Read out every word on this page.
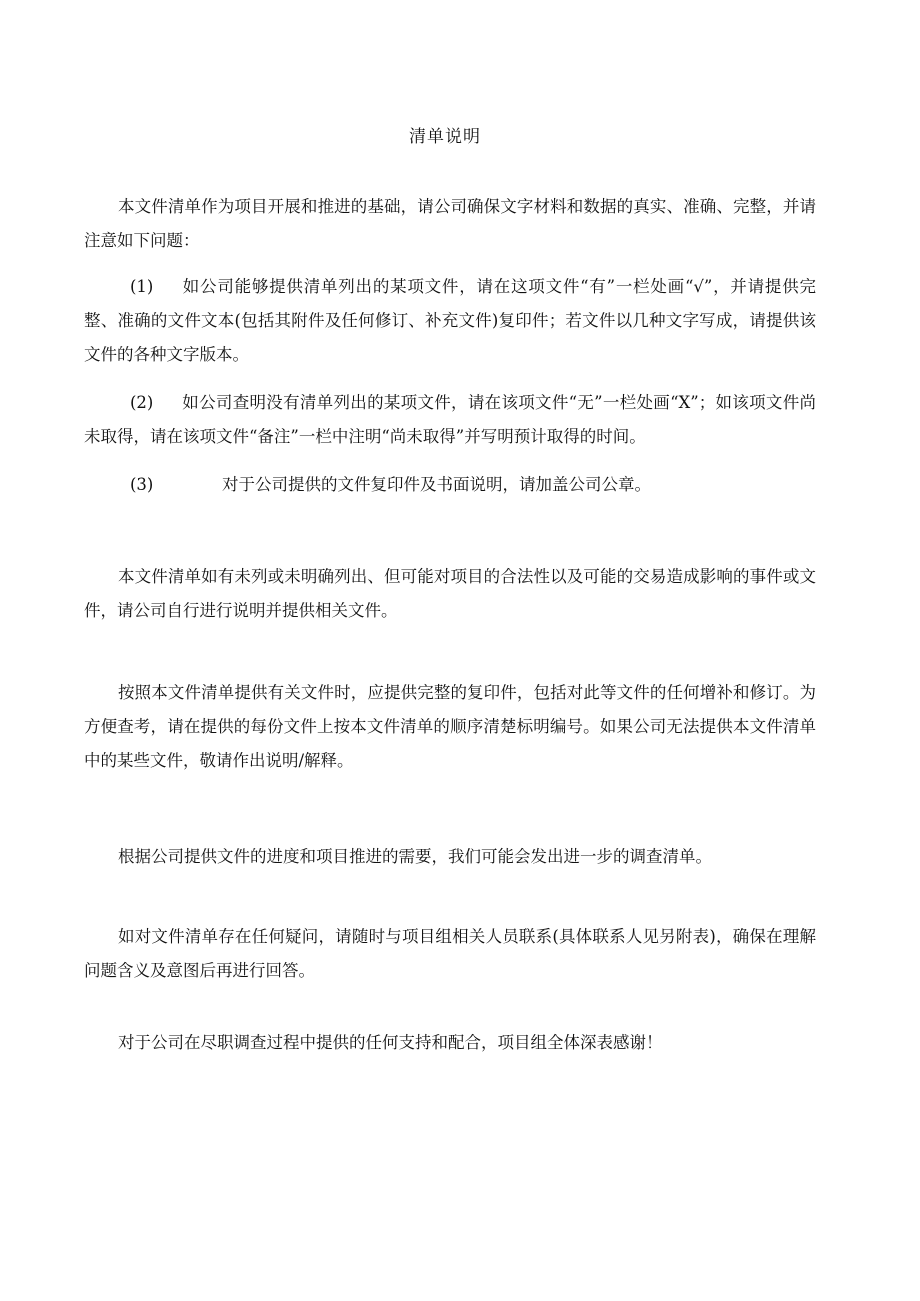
清单说明
本文件清单作为项目开展和推进的基础，请公司确保文字材料和数据的真实、准确、完整，并请注意如下问题：
(1) 如公司能够提供清单列出的某项文件，请在这项文件“有”一栏处画“√”，并请提供完整、准确的文件文本(包括其附件及任何修订、补充文件)复印件；若文件以几种文字写成，请提供该文件的各种文字版本。
(2) 如公司查明没有清单列出的某项文件，请在该项文件“无”一栏处画“X”；如该项文件尚未取得，请在该项文件“备注”一栏中注明“尚未取得”并写明预计取得的时间。
(3)	对于公司提供的文件复印件及书面说明，请加盖公司公章。
本文件清单如有未列或未明确列出、但可能对项目的合法性以及可能的交易造成影响的事件或文件，请公司自行进行说明并提供相关文件。
按照本文件清单提供有关文件时，应提供完整的复印件，包括对此等文件的任何增补和修订。为方便查考，请在提供的每份文件上按本文件清单的顺序清楚标明编号。如果公司无法提供本文件清单中的某些文件，敬请作出说明/解释。
根据公司提供文件的进度和项目推进的需要，我们可能会发出进一步的调查清单。
如对文件清单存在任何疑问，请随时与项目组相关人员联系(具体联系人见另附表)，确保在理解问题含义及意图后再进行回答。
对于公司在尽职调查过程中提供的任何支持和配合，项目组全体深表感谢！
